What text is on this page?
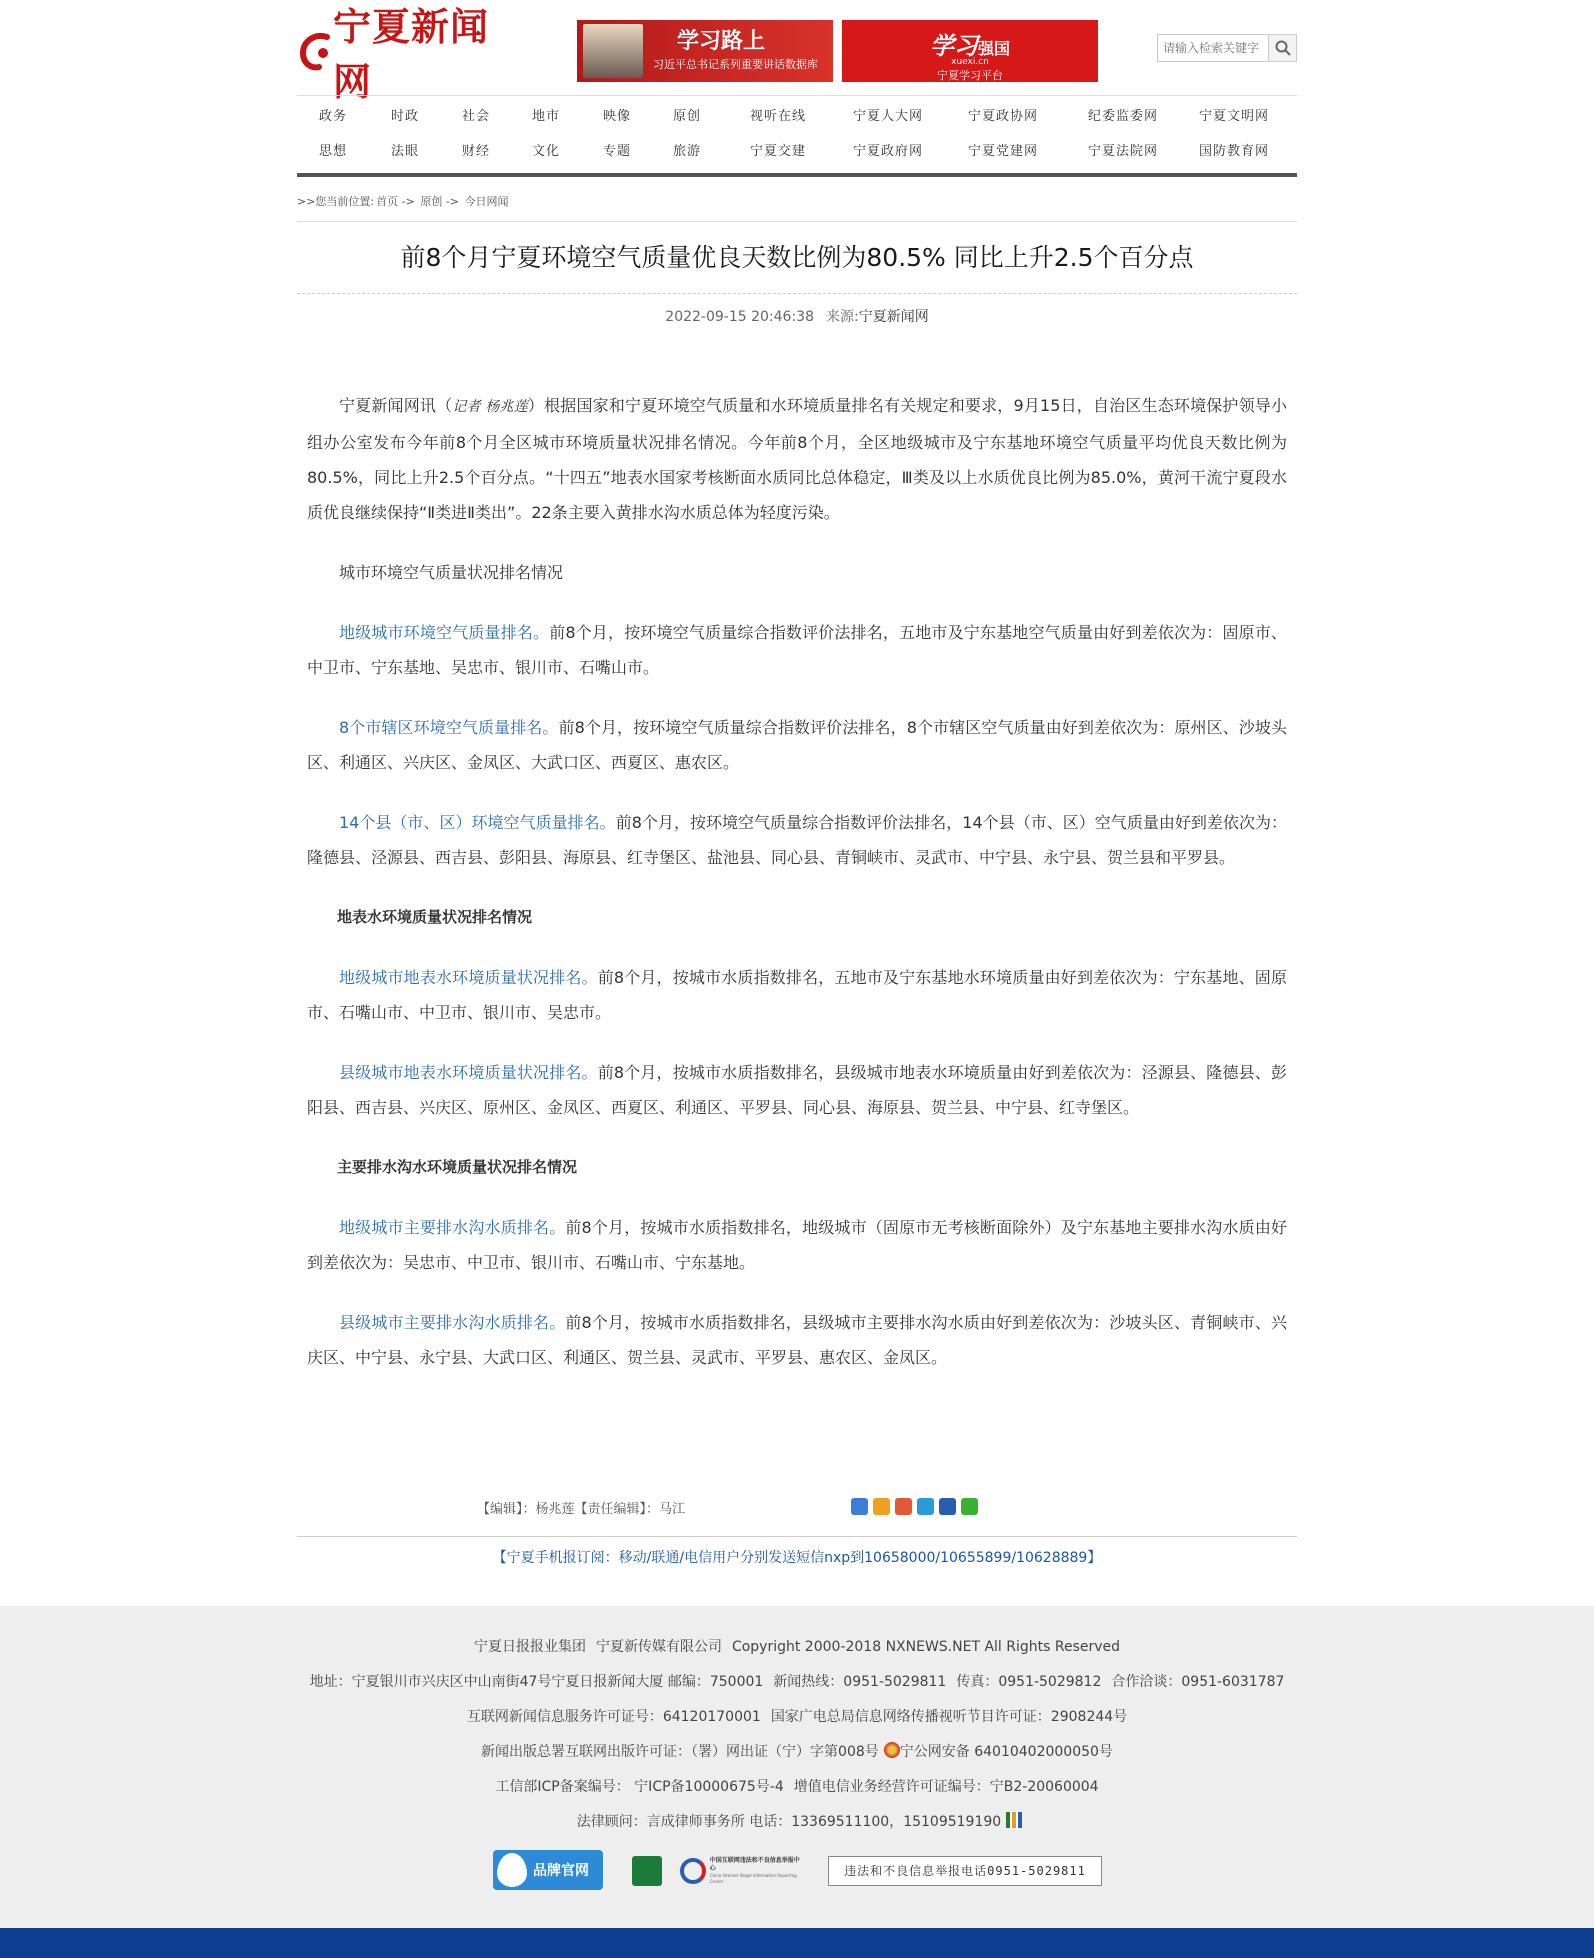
宁夏新闻网
学习路上
习近平总书记系列重要讲话数据库
学习强国
xuexi.cn
宁夏学习平台
请输入检索关键字
政务	时政	社会	地市	映像	原创	视听在线	宁夏人大网	宁夏政协网	纪委监委网	宁夏文明网
思想	法眼	财经	文化	专题	旅游	宁夏交建	宁夏政府网	宁夏党建网	宁夏法院网	国防教育网
>>您当前位置: 首页 -> 原创 -> 今日网闻
前8个月宁夏环境空气质量优良天数比例为80.5% 同比上升2.5个百分点
2022-09-15 20:46:38 来源:宁夏新闻网

宁夏新闻网讯（记者 杨兆莲）根据国家和宁夏环境空气质量和水环境质量排名有关规定和要求，9月15日，自治区生态环境保护领导小组办公室发布今年前8个月全区城市环境质量状况排名情况。今年前8个月，全区地级城市及宁东基地环境空气质量平均优良天数比例为80.5%，同比上升2.5个百分点。“十四五”地表水国家考核断面水质同比总体稳定，Ⅲ类及以上水质优良比例为85.0%，黄河干流宁夏段水质优良继续保持“Ⅱ类进Ⅱ类出”。22条主要入黄排水沟水质总体为轻度污染。

城市环境空气质量状况排名情况

地级城市环境空气质量排名。前8个月，按环境空气质量综合指数评价法排名，五地市及宁东基地空气质量由好到差依次为：固原市、中卫市、宁东基地、吴忠市、银川市、石嘴山市。

8个市辖区环境空气质量排名。前8个月，按环境空气质量综合指数评价法排名，8个市辖区空气质量由好到差依次为：原州区、沙坡头区、利通区、兴庆区、金凤区、大武口区、西夏区、惠农区。

14个县（市、区）环境空气质量排名。前8个月，按环境空气质量综合指数评价法排名，14个县（市、区）空气质量由好到差依次为：隆德县、泾源县、西吉县、彭阳县、海原县、红寺堡区、盐池县、同心县、青铜峡市、灵武市、中宁县、永宁县、贺兰县和平罗县。

地表水环境质量状况排名情况

地级城市地表水环境质量状况排名。前8个月，按城市水质指数排名，五地市及宁东基地水环境质量由好到差依次为：宁东基地、固原市、石嘴山市、中卫市、银川市、吴忠市。

县级城市地表水环境质量状况排名。前8个月，按城市水质指数排名，县级城市地表水环境质量由好到差依次为：泾源县、隆德县、彭阳县、西吉县、兴庆区、原州区、金凤区、西夏区、利通区、平罗县、同心县、海原县、贺兰县、中宁县、红寺堡区。

主要排水沟水环境质量状况排名情况

地级城市主要排水沟水质排名。前8个月，按城市水质指数排名，地级城市（固原市无考核断面除外）及宁东基地主要排水沟水质由好到差依次为：吴忠市、中卫市、银川市、石嘴山市、宁东基地。

县级城市主要排水沟水质排名。前8个月，按城市水质指数排名，县级城市主要排水沟水质由好到差依次为：沙坡头区、青铜峡市、兴庆区、中宁县、永宁县、大武口区、利通区、贺兰县、灵武市、平罗县、惠农区、金凤区。

【编辑】：杨兆莲【责任编辑】：马江
【宁夏手机报订阅：移动/联通/电信用户分别发送短信nxp到10658000/10655899/10628889】
宁夏日报报业集团 宁夏新传媒有限公司 Copyright 2000-2018 NXNEWS.NET All Rights Reserved
地址：宁夏银川市兴庆区中山南街47号宁夏日报新闻大厦 邮编：750001 新闻热线：0951-5029811 传真：0951-5029812 合作洽谈：0951-6031787
互联网新闻信息服务许可证号：64120170001 国家广电总局信息网络传播视听节目许可证：2908244号
新闻出版总署互联网出版许可证：（署）网出证（宁）字第008号 宁公网安备 64010402000050号
工信部ICP备案编号： 宁ICP备10000675号-4 增值电信业务经营许可证编号：宁B2-20060004
法律顾问：言成律师事务所 电话：13369511100，15109519190
品牌官网
中国互联网违法和不良信息举报中心
China Internet Illegal Information Reporting Center
违法和不良信息举报电话0951-5029811
